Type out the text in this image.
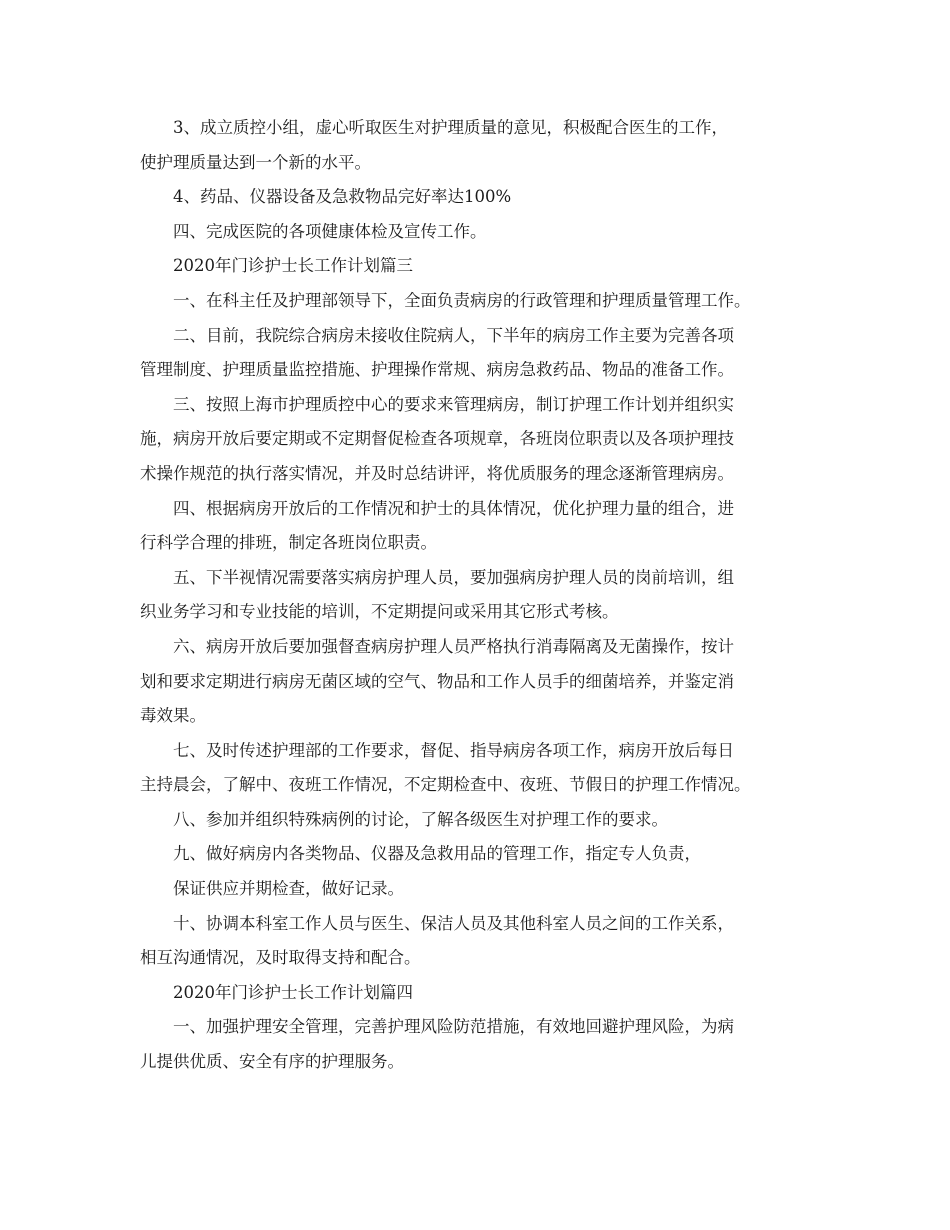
3、成立质控小组，虚心听取医生对护理质量的意见，积极配合医生的工作，
使护理质量达到一个新的水平。
4、药品、仪器设备及急救物品完好率达100%
四、完成医院的各项健康体检及宣传工作。
2020年门诊护士长工作计划篇三
一、在科主任及护理部领导下，全面负责病房的行政管理和护理质量管理工作。
二、目前，我院综合病房未接收住院病人，下半年的病房工作主要为完善各项
管理制度、护理质量监控措施、护理操作常规、病房急救药品、物品的准备工作。
三、按照上海市护理质控中心的要求来管理病房，制订护理工作计划并组织实
施，病房开放后要定期或不定期督促检查各项规章，各班岗位职责以及各项护理技
术操作规范的执行落实情况，并及时总结讲评，将优质服务的理念逐渐管理病房。
四、根据病房开放后的工作情况和护士的具体情况，优化护理力量的组合，进
行科学合理的排班，制定各班岗位职责。
五、下半视情况需要落实病房护理人员，要加强病房护理人员的岗前培训，组
织业务学习和专业技能的培训，不定期提问或采用其它形式考核。
六、病房开放后要加强督查病房护理人员严格执行消毒隔离及无菌操作，按计
划和要求定期进行病房无菌区域的空气、物品和工作人员手的细菌培养，并鉴定消
毒效果。
七、及时传述护理部的工作要求，督促、指导病房各项工作，病房开放后每日
主持晨会，了解中、夜班工作情况，不定期检查中、夜班、节假日的护理工作情况。
八、参加并组织特殊病例的讨论，了解各级医生对护理工作的要求。
九、做好病房内各类物品、仪器及急救用品的管理工作，指定专人负责，
保证供应并期检查，做好记录。
十、协调本科室工作人员与医生、保洁人员及其他科室人员之间的工作关系，
相互沟通情况，及时取得支持和配合。
2020年门诊护士长工作计划篇四
一、加强护理安全管理，完善护理风险防范措施，有效地回避护理风险，为病
儿提供优质、安全有序的护理服务。
